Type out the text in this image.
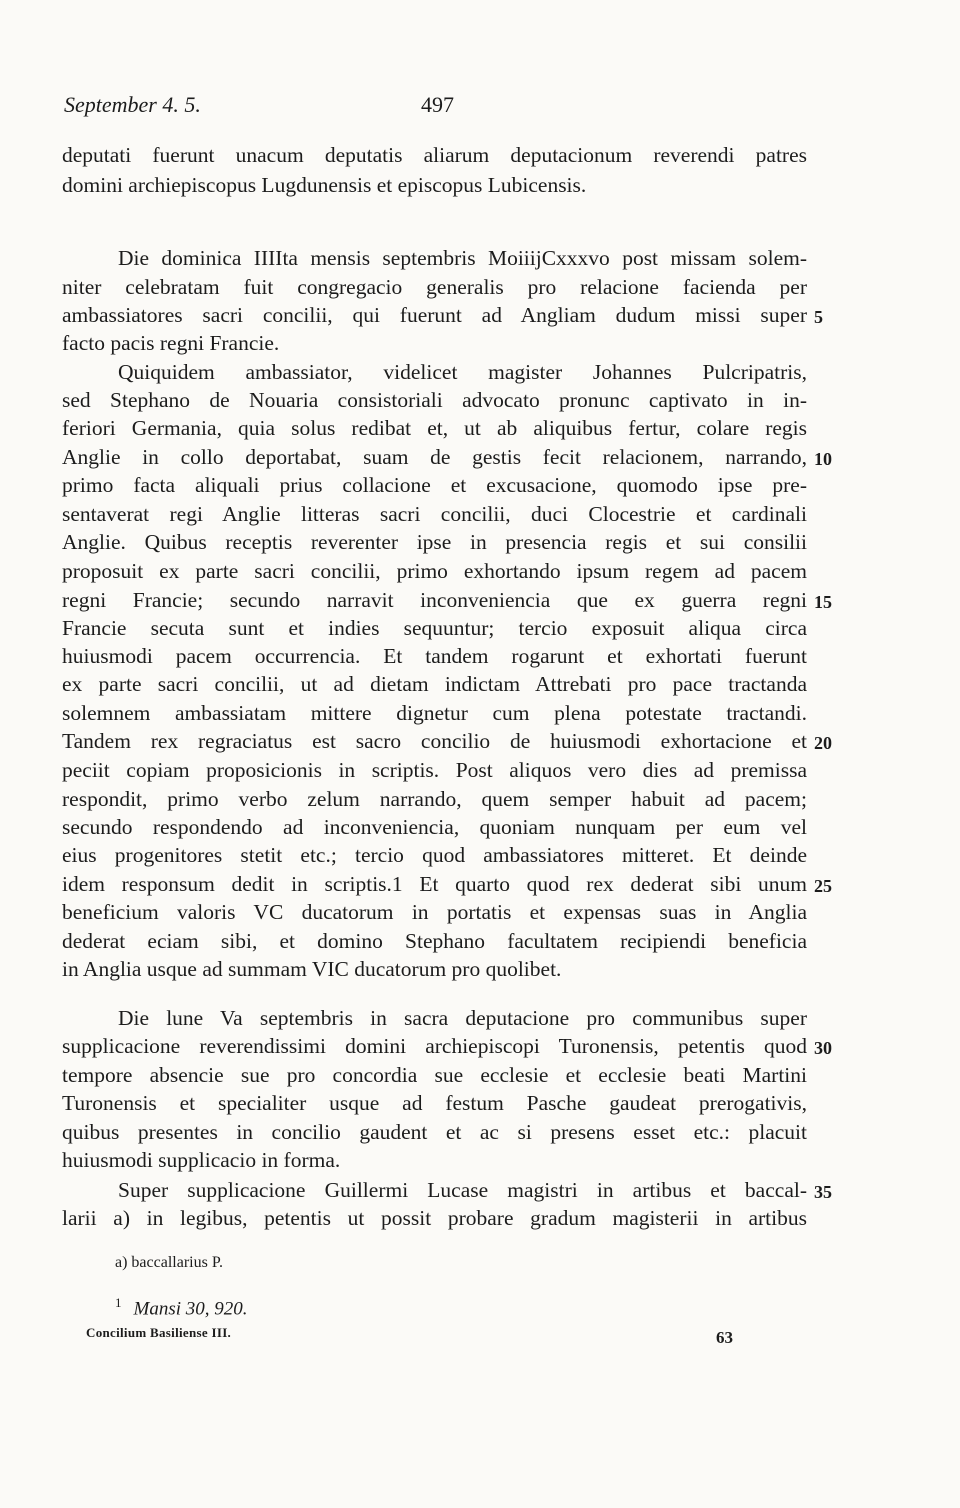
September 4. 5.	497
deputati fuerunt unacum deputatis aliarum deputacionum reverendi patres
domini archiepiscopus Lugdunensis et episcopus Lubicensis.
Die dominica IIIIta mensis septembris MoiiijCxxxvo post missam solem-
niter celebratam fuit congregacio generalis pro relacione facienda per
ambassiatores sacri concilii, qui fuerunt ad Angliam dudum missi super 5
facto pacis regni Francie.
Quiquidem ambassiator, videlicet magister Johannes Pulcripatris,
sed Stephano de Nouaria consistoriali advocato pronunc captivato in in-
feriori Germania, quia solus redibat et, ut ab aliquibus fertur, colare regis
Anglie in collo deportabat, suam de gestis fecit relacionem, narrando, 10
primo facta aliquali prius collacione et excusacione, quomodo ipse pre-
sentaverat regi Anglie litteras sacri concilii, duci Clocestrie et cardinali
Anglie. Quibus receptis reverenter ipse in presencia regis et sui consilii
proposuit ex parte sacri concilii, primo exhortando ipsum regem ad pacem
regni Francie; secundo narravit inconveniencia que ex guerra regni 15
Francie secuta sunt et indies sequuntur; tercio exposuit aliqua circa
huiusmodi pacem occurrencia. Et tandem rogarunt et exhortati fuerunt
ex parte sacri concilii, ut ad dietam indictam Attrebati pro pace tractanda
solemnem ambassiatam mittere dignetur cum plena potestate tractandi.
Tandem rex regraciatus est sacro concilio de huiusmodi exhortacione et 20
peciit copiam proposicionis in scriptis. Post aliquos vero dies ad premissa
respondit, primo verbo zelum narrando, quem semper habuit ad pacem;
secundo respondendo ad inconveniencia, quoniam nunquam per eum vel
eius progenitores stetit etc.; tercio quod ambassiatores mitteret. Et deinde
idem responsum dedit in scriptis.1 Et quarto quod rex dederat sibi unum 25
beneficium valoris VC ducatorum in portatis et expensas suas in Anglia
dederat eciam sibi, et domino Stephano facultatem recipiendi beneficia
in Anglia usque ad summam VIC ducatorum pro quolibet.
Die lune Va septembris in sacra deputacione pro communibus super
supplicacione reverendissimi domini archiepiscopi Turonensis, petentis quod 30
tempore absencie sue pro concordia sue ecclesie et ecclesie beati Martini
Turonensis et specialiter usque ad festum Pasche gaudeat prerogativis,
quibus presentes in concilio gaudent et ac si presens esset etc.: placuit
huiusmodi supplicacio in forma.
Super supplicacione Guillermi Lucase magistri in artibus et baccal- 35
larii a) in legibus, petentis ut possit probare gradum magisterii in artibus
a) baccallarius P.
$^1$ Mansi 30, 920.
Concilium Basiliense III.	63
